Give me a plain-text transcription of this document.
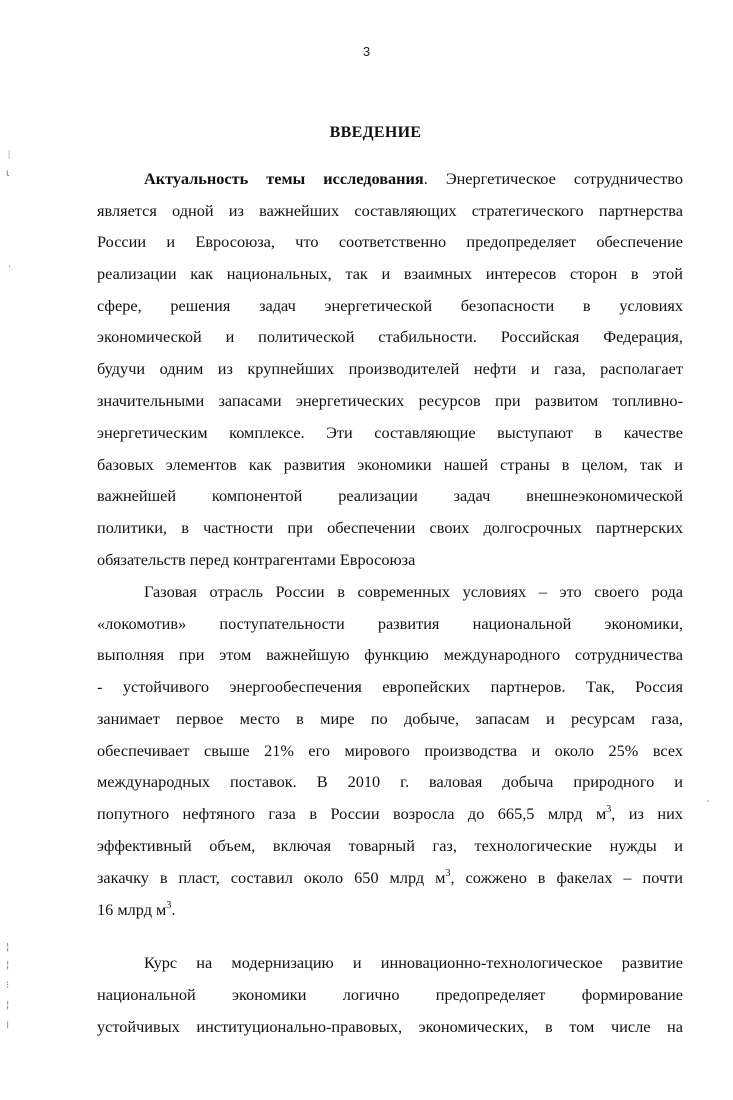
3
ВВЕДЕНИЕ
ᛁ
ɩ
·
¦
¦
⁝
¦
⁞
`
Актуальность темы исследования. Энергетическое сотрудничество
является одной из важнейших составляющих стратегического партнерства
России и Евросоюза, что соответственно предопределяет обеспечение
реализации как национальных, так и взаимных интересов сторон в этой
сфере, решения задач энергетической безопасности в условиях
экономической и политической стабильности. Российская Федерация,
будучи одним из крупнейших производителей нефти и газа, располагает
значительными запасами энергетических ресурсов при развитом топливно-
энергетическим комплексе. Эти составляющие выступают в качестве
базовых элементов как развития экономики нашей страны в целом, так и
важнейшей компонентой реализации задач внешнеэкономической
политики, в частности при обеспечении своих долгосрочных партнерских
обязательств перед контрагентами Евросоюза
Газовая отрасль России в современных условиях – это своего рода
«локомотив» поступательности развития национальной экономики,
выполняя при этом важнейшую функцию международного сотрудничества
- устойчивого энергообеспечения европейских партнеров. Так, Россия
занимает первое место в мире по добыче, запасам и ресурсам газа,
обеспечивает свыше 21% его мирового производства и около 25% всех
международных поставок. В 2010 г. валовая добыча природного и
попутного нефтяного газа в России возросла до 665,5 млрд $м^3$, из них
эффективный объем, включая товарный газ, технологические нужды и
закачку в пласт, составил около 650 млрд $м^3$, сожжено в факелах – почти
16 млрд $м^3$.
Курс на модернизацию и инновационно-технологическое развитие
национальной экономики логично предопределяет формирование
устойчивых институционально-правовых, экономических, в том числе на
